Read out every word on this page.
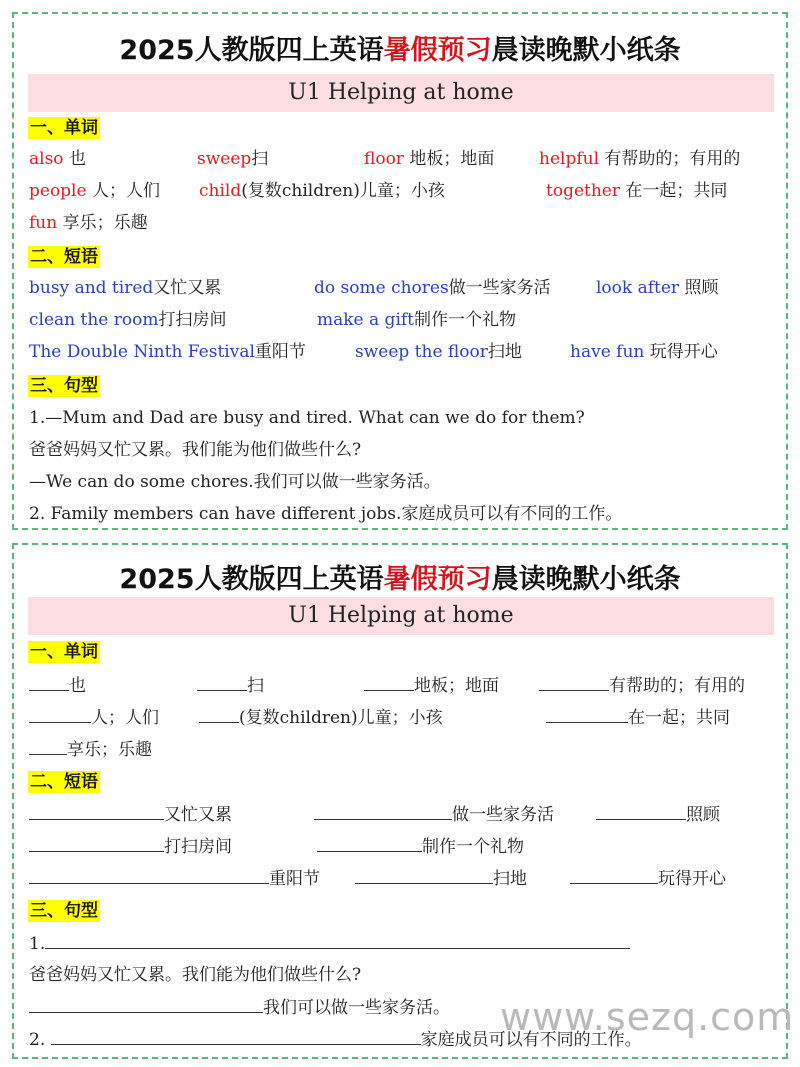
2025人教版四上英语暑假预习晨读晚默小纸条
U1 Helping at home
一、单词
also 也	sweep扫	floor 地板；地面	helpful 有帮助的；有用的
people 人；人们 child(复数children)儿童；小孩	together 在一起；共同
fun 享乐；乐趣
二、短语
busy and tired又忙又累	do some chores做一些家务活	look after 照顾
clean the room打扫房间	make a gift制作一个礼物
The Double Ninth Festival重阳节	sweep the floor扫地	have fun 玩得开心
三、句型
1.—Mum and Dad are busy and tired. What can we do for them?
爸爸妈妈又忙又累。我们能为他们做些什么?
—We can do some chores.我们可以做一些家务活。
2. Family members can have different jobs.家庭成员可以有不同的工作。
2025人教版四上英语暑假预习晨读晚默小纸条
U1 Helping at home
一、单词
也	扫	地板；地面	有帮助的；有用的
人；人们	(复数children)儿童；小孩	在一起；共同
享乐；乐趣
二、短语
又忙又累	做一些家务活	照顾
打扫房间	制作一个礼物
重阳节	扫地	玩得开心
三、句型
1.
爸爸妈妈又忙又累。我们能为他们做些什么?
我们可以做一些家务活。
2.	家庭成员可以有不同的工作。
www.sezq.com
